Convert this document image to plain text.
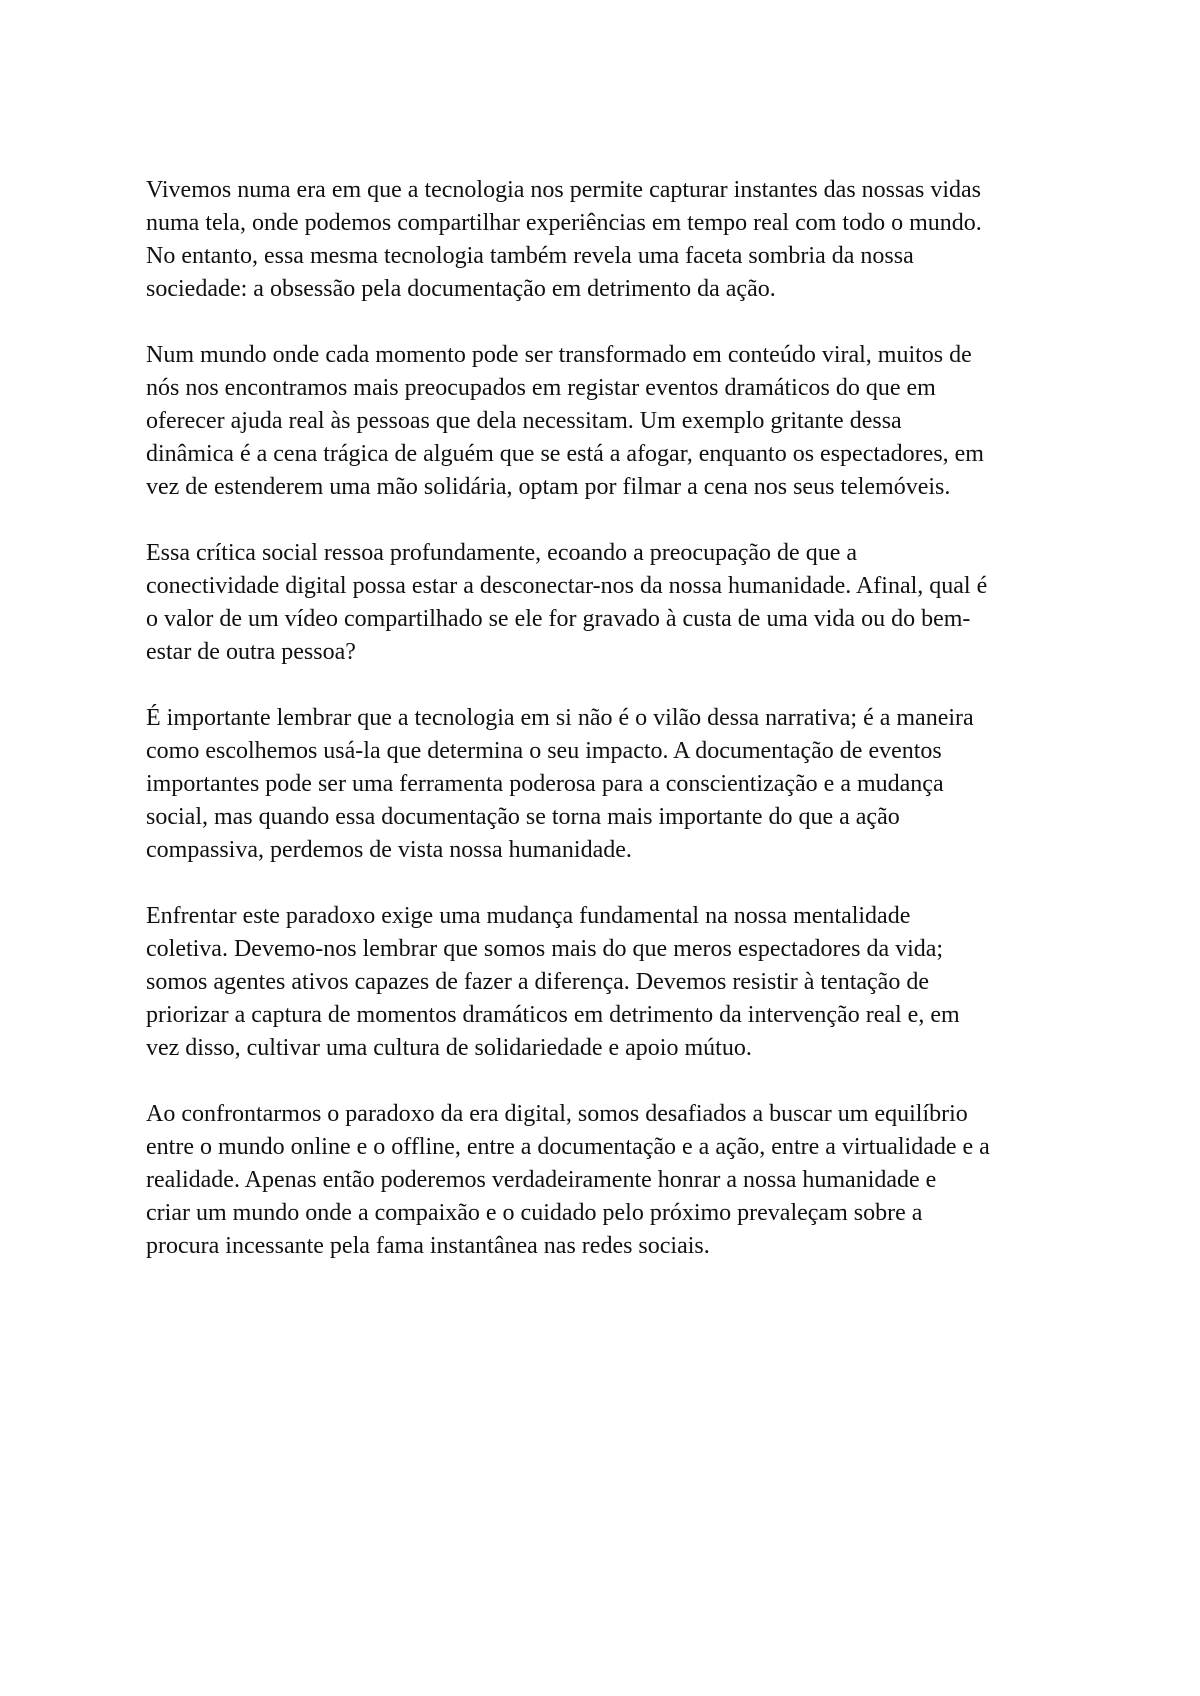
Vivemos numa era em que a tecnologia nos permite capturar instantes das nossas vidas
numa tela, onde podemos compartilhar experiências em tempo real com todo o mundo.
No entanto, essa mesma tecnologia também revela uma faceta sombria da nossa
sociedade: a obsessão pela documentação em detrimento da ação.

Num mundo onde cada momento pode ser transformado em conteúdo viral, muitos de
nós nos encontramos mais preocupados em registar eventos dramáticos do que em
oferecer ajuda real às pessoas que dela necessitam. Um exemplo gritante dessa
dinâmica é a cena trágica de alguém que se está a afogar, enquanto os espectadores, em
vez de estenderem uma mão solidária, optam por filmar a cena nos seus telemóveis.

Essa crítica social ressoa profundamente, ecoando a preocupação de que a
conectividade digital possa estar a desconectar-nos da nossa humanidade. Afinal, qual é
o valor de um vídeo compartilhado se ele for gravado à custa de uma vida ou do bem-
estar de outra pessoa?

É importante lembrar que a tecnologia em si não é o vilão dessa narrativa; é a maneira
como escolhemos usá-la que determina o seu impacto. A documentação de eventos
importantes pode ser uma ferramenta poderosa para a conscientização e a mudança
social, mas quando essa documentação se torna mais importante do que a ação
compassiva, perdemos de vista nossa humanidade.

Enfrentar este paradoxo exige uma mudança fundamental na nossa mentalidade
coletiva. Devemo-nos lembrar que somos mais do que meros espectadores da vida;
somos agentes ativos capazes de fazer a diferença. Devemos resistir à tentação de
priorizar a captura de momentos dramáticos em detrimento da intervenção real e, em
vez disso, cultivar uma cultura de solidariedade e apoio mútuo.

Ao confrontarmos o paradoxo da era digital, somos desafiados a buscar um equilíbrio
entre o mundo online e o offline, entre a documentação e a ação, entre a virtualidade e a
realidade. Apenas então poderemos verdadeiramente honrar a nossa humanidade e
criar um mundo onde a compaixão e o cuidado pelo próximo prevaleçam sobre a
procura incessante pela fama instantânea nas redes sociais.
